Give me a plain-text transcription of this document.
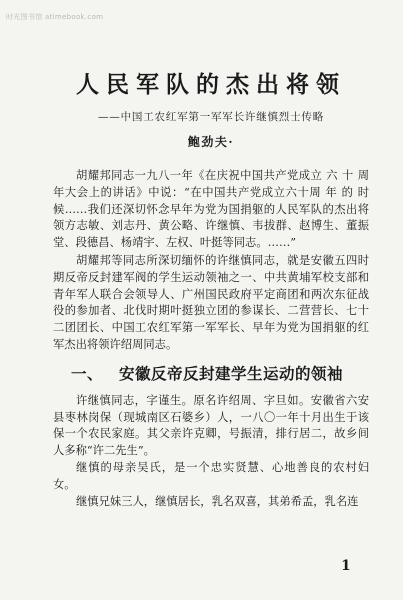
时光图书馆 atimebook.com
人民军队的杰出将领
——中国工农红军第一军军长许继慎烈士传略
鲍劲夫·

胡耀邦同志一九八一年《在庆祝中国共产党成立 六 十 周年大会上的讲话》中说：“在中国共产党成立六十周 年 的 时候……我们还深切怀念早年为党为国捐躯的人民军队的杰出将领方志敏、刘志丹、黄公略、许继慎、韦拔群、赵博生、董振堂、段德昌、杨靖宇、左权、叶挺等同志。……”

胡耀邦等同志所深切缅怀的许继慎同志，就是安徽五四时期反帝反封建军阀的学生运动领袖之一、中共黄埔军校支部和青年军人联合会领导人、广州国民政府平定商团和两次东征战役的参加者、北伐时期叶挺独立团的参谋长、二营营长、七十二团团长、中国工农红军第一军军长、早年为党为国捐躯的红军杰出将领许绍周同志。

一、 安徽反帝反封建学生运动的领袖

许继慎同志，字谨生。原名许绍周、字旦如。安徽省六安县枣林岗保（现城南区石婆乡）人，一八〇一年十月出生于该保一个农民家庭。其父亲许克卿，号振清，排行居二，故乡间人多称“许二先生”。

继慎的母亲吴氏，是一个忠实贤慧、心地善良的农村妇女。

继慎兄妹三人，继慎居长，乳名双喜，其弟希孟，乳名连

1
